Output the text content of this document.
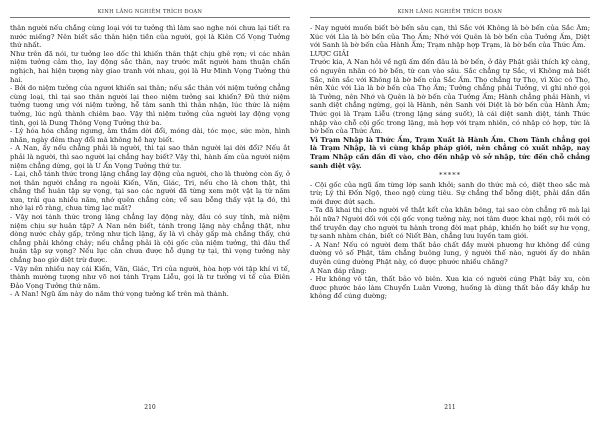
KINH LĂNG NGHIÊM TRÍCH ĐOẠN

thân người nếu chẳng cùng loại với tư tưởng thì làm sao nghe nói chưa lại tiết ra nước miếng? Nên biết sắc thân hiện tiền của người, gọi là Kiên Cố Vọng Tưởng thứ nhất.

Như trên đã nói, tư tưởng leo dốc thì khiến thân thật chịu ghê rợn; vì các nhân niệm tưởng cảm thọ, lay động sắc thân, nay trước mắt người ham thuận chấn nghịch, hai hiện tượng này giao tranh với nhau, gọi là Hư Minh Vọng Tưởng thứ hai.

- Bởi do niệm tưởng của ngươi khiến sai thân; nếu sắc thân với niệm tưởng chẳng cùng loại, thì tại sao thân người lại theo niệm tưởng sai khiến? Đủ thứ niệm tưởng tương ưng với niệm tưởng, hễ tâm sanh thì thân nhận, lúc thức là niệm tưởng, lúc ngủ thành chiêm bao. Vậy thì niệm tưởng của người lay động vọng tình, gọi là Dung Thông Vọng Tưởng thứ ba.

- Lý hóa hóa chẳng ngưng, âm thầm dời đổi, móng dài, tóc mọc, sức mòn, hình nhăn, ngày đêm thay đổi mà không hề hay biết.

- A Nan, ấy nếu chẳng phải là người, thì tại sao thân người lại dời đổi? Nếu ắt phải là người, thì sao người lại chẳng hay biết? Vậy thì, hành ấm của người niệm niệm chẳng dừng, gọi là U Ẩn Vọng Tưởng thứ tư.

- Lại, chỗ tánh thức trong lặng chẳng lay động của người, cho là thường còn ấy, ở nơi thân người chẳng ra ngoài Kiến, Văn, Giác, Tri, nếu cho là chơn thật, thì chẳng thể huân tập sự vọng, tại sao các người đã từng xem một vật lạ từ năm xưa, trải qua nhiều năm, nhớ quên chẳng còn; về sau bỗng thấy vật lạ đó, thì nhớ lại rõ ràng, chưa từng lạc mất?

- Vậy nơi tánh thức trong lặng chẳng lay động này, đâu có suy tính, mà niệm niệm chịu sự huân tập? A Nan nên biết, tánh trong lặng này chẳng thật, như dòng nước chảy gấp, trông như tịch lặng, ấy là vì chảy gấp mà chẳng thấy, chứ chẳng phải không chảy; nếu chẳng phải là cội gốc của niệm tưởng, thì đâu thể huân tập sự vọng? Nếu lục căn chưa được hỗ dụng tự tại, thì vọng tưởng này chẳng bao giờ diệt trừ được.

- Vậy nên nhiều nay cái Kiến, Văn, Giác, Tri của người, hòa hợp với tập khí vi tế, thành mường tượng như võ nơi tánh Trạm Liễu, gọi là tư tưởng vi tế của Điên Đảo Vọng Tưởng thứ năm.

- A Nan! Ngũ ấm này do năm thứ vọng tưởng kể trên mà thành.

210
KINH LĂNG NGHIÊM TRÍCH ĐOẠN

- Nay người muốn biết bờ bến sâu cạn, thì Sắc với Không là bờ bến của Sắc Ấm; Xúc với Lìa là bờ bến của Thọ Ấm; Nhớ với Quên là bờ bến của Tưởng Ấm, Diệt với Sanh là bờ bến của Hành Ấm; Trạm nhập hợp Trạm, là bờ bến của Thức Ấm.

LƯỢC GIẢI

Trước kia, A Nan hỏi về ngũ ấm đến đâu là bờ bến, ở đây Phật giải thích kỹ càng, có nguyên nhân có bờ bến, từ can vào sâu. Sắc chẳng tự Sắc, vì Không mà biết Sắc, nên sắc với Không là bờ bến của Sắc Ấm. Thọ chẳng tự Thọ, vì Xúc có Thọ, nên Xúc với Lìa là bờ bến của Thọ Ấm; Tưởng chẳng phải Tưởng, vì ghi nhớ gọi là Tưởng, nên Nhớ và Quên là bờ bến của Tưởng Ấm; Hành chẳng phải Hành, vì sanh diệt chẳng ngừng, gọi là Hành, nên Sanh với Diệt là bờ bến của Hành Ấm; Thức gọi là Trạm Liễu (trong lặng sáng suốt), là cái diệt sanh diệt, tánh Thức nhập vào chỗ cội gốc trong lặng, mà hợp với trạm nhiên, có nhập có hợp, tức là bờ bến của Thức Ấm.

Vì Trạm Nhập là Thức Ấm, Trạm Xuất là Hành Ấm. Chơn Tánh chẳng gọi là Trạm Nhập, là vì cùng khắp pháp giới, nên chẳng có xuất nhập, nay Trạm Nhập cần dần đi vào, cho đến nhập vô sở nhập, tức đến chỗ chẳng sanh diệt vậy.

*****

- Cội gốc của ngũ ấm từng lớp sanh khởi; sanh do thức mà có, diệt theo sắc mà trừ; Lý thì Đốn Ngộ, theo ngộ cùng tiêu. Sự chẳng thể bỗng diệt, phải dần dần mới được dứt sạch.

- Ta đã khai thị cho người về thắt kết của khăn bông, tại sao còn chẳng rõ mà lại hỏi nữa? Người đối với cội gốc vọng tưởng này, nơi tâm được khai ngộ, rồi mới có thể truyền dạy cho người tu hành trong đời mạt pháp, khiến họ biết sự hư vọng, tự sanh nhàm chán, biết có Niết Bàn, chẳng lưu luyến tam giới.

- A Nan! Nếu có người đem thất bảo chất đầy mười phương hư không để cúng dường vô số Phật, tâm chẳng buông lung, ý người thế nào, người ấy do nhân duyên cúng dường Phật này, có được phước nhiều chăng?

A Nan đáp rằng:

- Hư không vô tận, thất bảo vô biên. Xưa kia có người cúng Phật bảy xu, còn được phước báo làm Chuyển Luân Vương, huống là dùng thất bảo đầy khắp hư không để cúng dường;

211
